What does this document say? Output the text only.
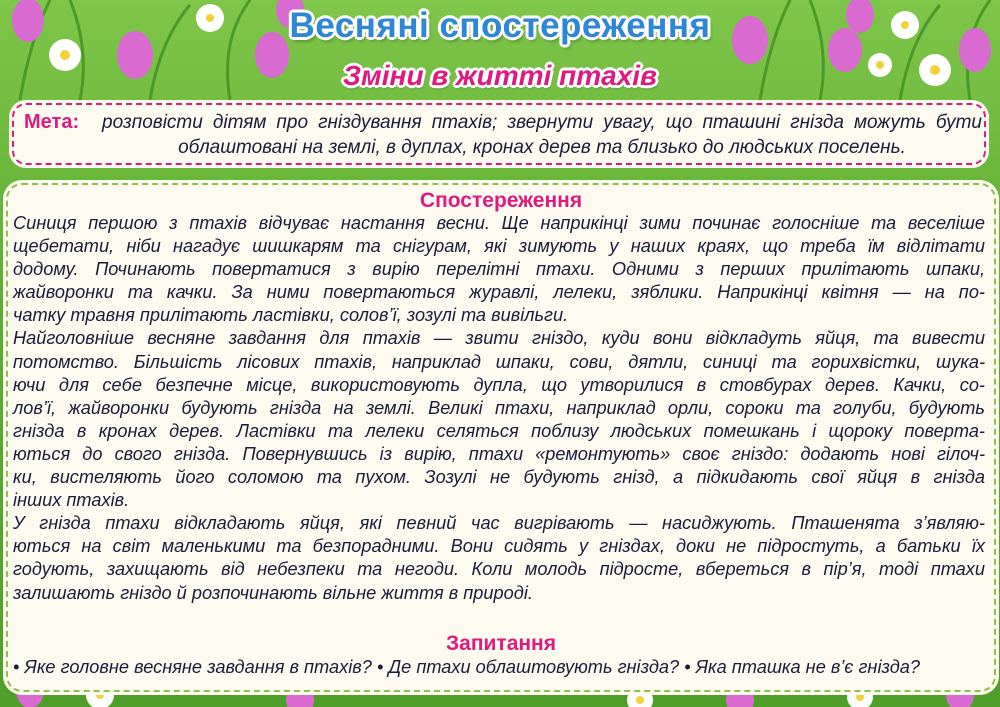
Весняні спостереження
Зміни в житті птахів
Мета: розповісти дітям про гніздування птахів; звернути увагу, що пташині гнізда можуть бути облаштовані на землі, в дуплах, кронах дерев та близько до людських поселень.
Спостереження
Синиця першою з птахів відчуває настання весни. Ще наприкінці зими починає голосніше та веселіше
щебетати, ніби нагадує шишкарям та снігурам, які зимують у наших краях, що треба їм відлітати
додому. Починають повертатися з вирію перелітні птахи. Одними з перших прилітають шпаки,
жайворонки та качки. За ними повертаються журавлі, лелеки, зяблики. Наприкінці квітня — на по-
чатку травня прилітають ластівки, солов’ї, зозулі та вивільги.
Найголовніше весняне завдання для птахів — звити гніздо, куди вони відкладуть яйця, та вивести
потомство. Більшість лісових птахів, наприклад шпаки, сови, дятли, синиці та горихвістки, шука-
ючи для себе безпечне місце, використовують дупла, що утворилися в стовбурах дерев. Качки, со-
лов’ї, жайворонки будують гнізда на землі. Великі птахи, наприклад орли, сороки та голуби, будують
гнізда в кронах дерев. Ластівки та лелеки селяться поблизу людських помешкань і щороку поверта-
ються до свого гнізда. Повернувшись із вирію, птахи «ремонтують» своє гніздо: додають нові гілоч-
ки, вистеляють його соломою та пухом. Зозулі не будують гнізд, а підкидають свої яйця в гнізда
інших птахів.
У гнізда птахи відкладають яйця, які певний час вигрівають — насиджують. Пташенята з’являю-
ються на світ маленькими та безпорадними. Вони сидять у гніздах, доки не підростуть, а батьки їх
годують, захищають від небезпеки та негоди. Коли молодь підросте, вбереться в пір’я, тоді птахи
залишають гніздо й розпочинають вільне життя в природі.
Запитання
• Яке головне весняне завдання в птахів? • Де птахи облаштовують гнізда? • Яка пташка не в’є гнізда?
